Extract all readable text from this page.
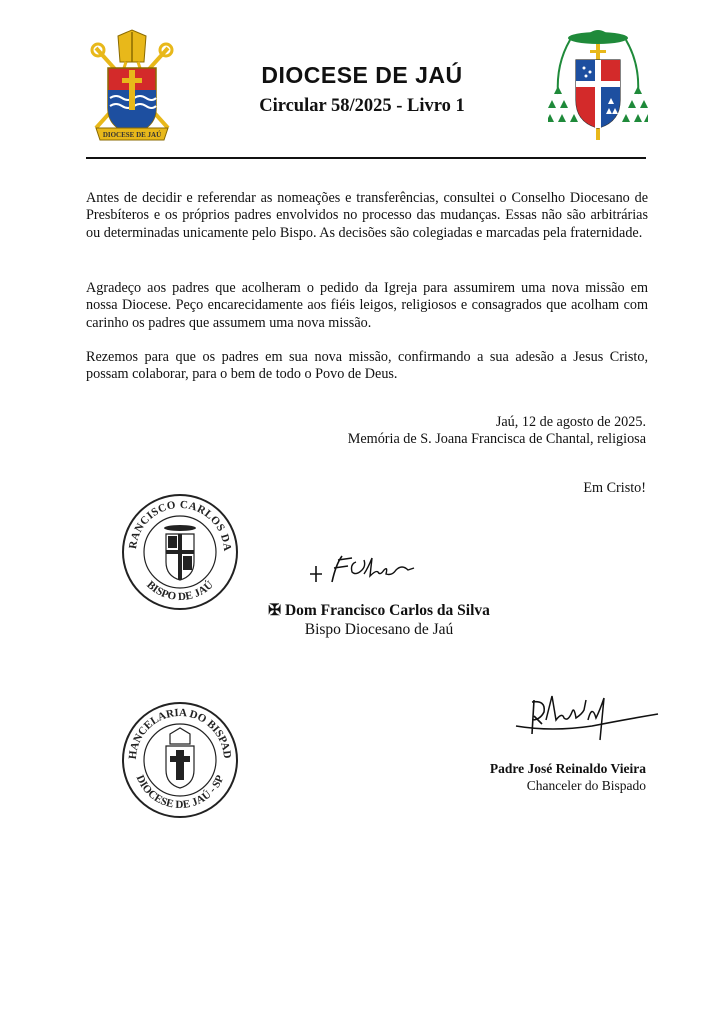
DIOCESE DE JAÚ
DIOCESE DE JAÚ
Circular 58/2025 - Livro 1
Antes de decidir e referendar as nomeações e transferências, consultei o Conselho Diocesano de Presbíteros e os próprios padres envolvidos no processo das mudanças. Essas não são arbitrárias ou determinadas unicamente pelo Bispo. As decisões são colegiadas e marcadas pela fraternidade.
Agradeço aos padres que acolheram o pedido da Igreja para assumirem uma nova missão em nossa Diocese. Peço encarecidamente aos fiéis leigos, religiosos e consagrados que acolham com carinho os padres que assumem uma nova missão.
Rezemos para que os padres em sua nova missão, confirmando a sua adesão a Jesus Cristo, possam colaborar, para o bem de todo o Povo de Deus.
Jaú, 12 de agosto de 2025.
Memória de S. Joana Francisca de Chantal, religiosa
Em Cristo!
RANCISCO CARLOS DA
BISPO DE JAÚ
✠ Dom Francisco Carlos da Silva
Bispo Diocesano de Jaú
HANCELARIA DO BISPAD
DIOCESE DE JAÚ - SP
Padre José Reinaldo Vieira
Chanceler do Bispado
